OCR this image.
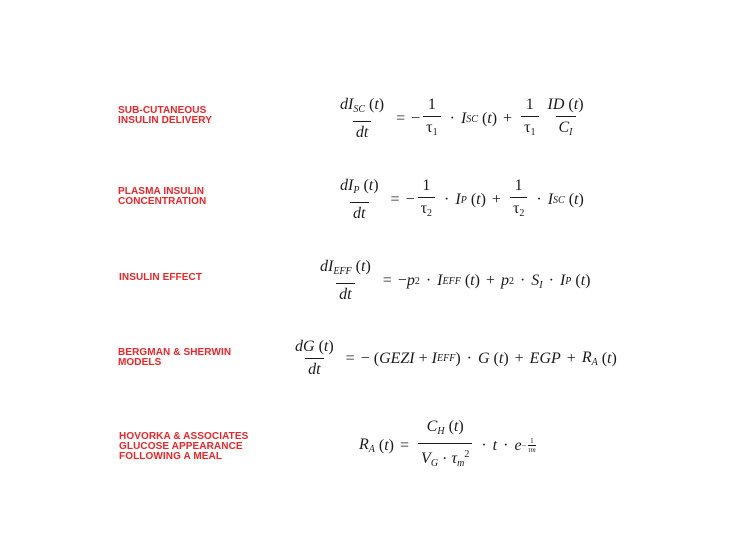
SUB-CUTANEOUS
INSULIN DELIVERY
PLASMA INSULIN
CONCENTRATION
INSULIN EFFECT
BERGMAN & SHERWIN
MODELS
HOVORKA & ASSOCIATES
GLUCOSE APPEARANCE
FOLLOWING A MEAL
$\frac{dI_{SC} (t)}{dt}$ = − $\frac{1}{\tau_1} \cdot I$ SC ( t ) + $\frac{1}{\tau_1} \frac{ID (t)}{C_I}$
$\frac{dI_P (t)}{dt}$ = − $\frac{1}{\tau_2} \cdot I$ P ( t ) + $\frac{1}{\tau_2} \cdot I$ SC ( t )
$\frac{dI_{EFF} (t)}{dt}$ = − p 2 · I EFF ( t ) + p $2 \cdot S_I \cdot I$ P ( t )
$\frac{dG (t)}{dt}$ = − ( GEZI + I EFF ) · G ( t ) + EGP + $R_A$ ( t )
$R_A$ ( t ) = $\frac{C_H (t)}{V_G \cdot \tau_m^2} \cdot t \cdot e - \frac{1}{\tau m}$
